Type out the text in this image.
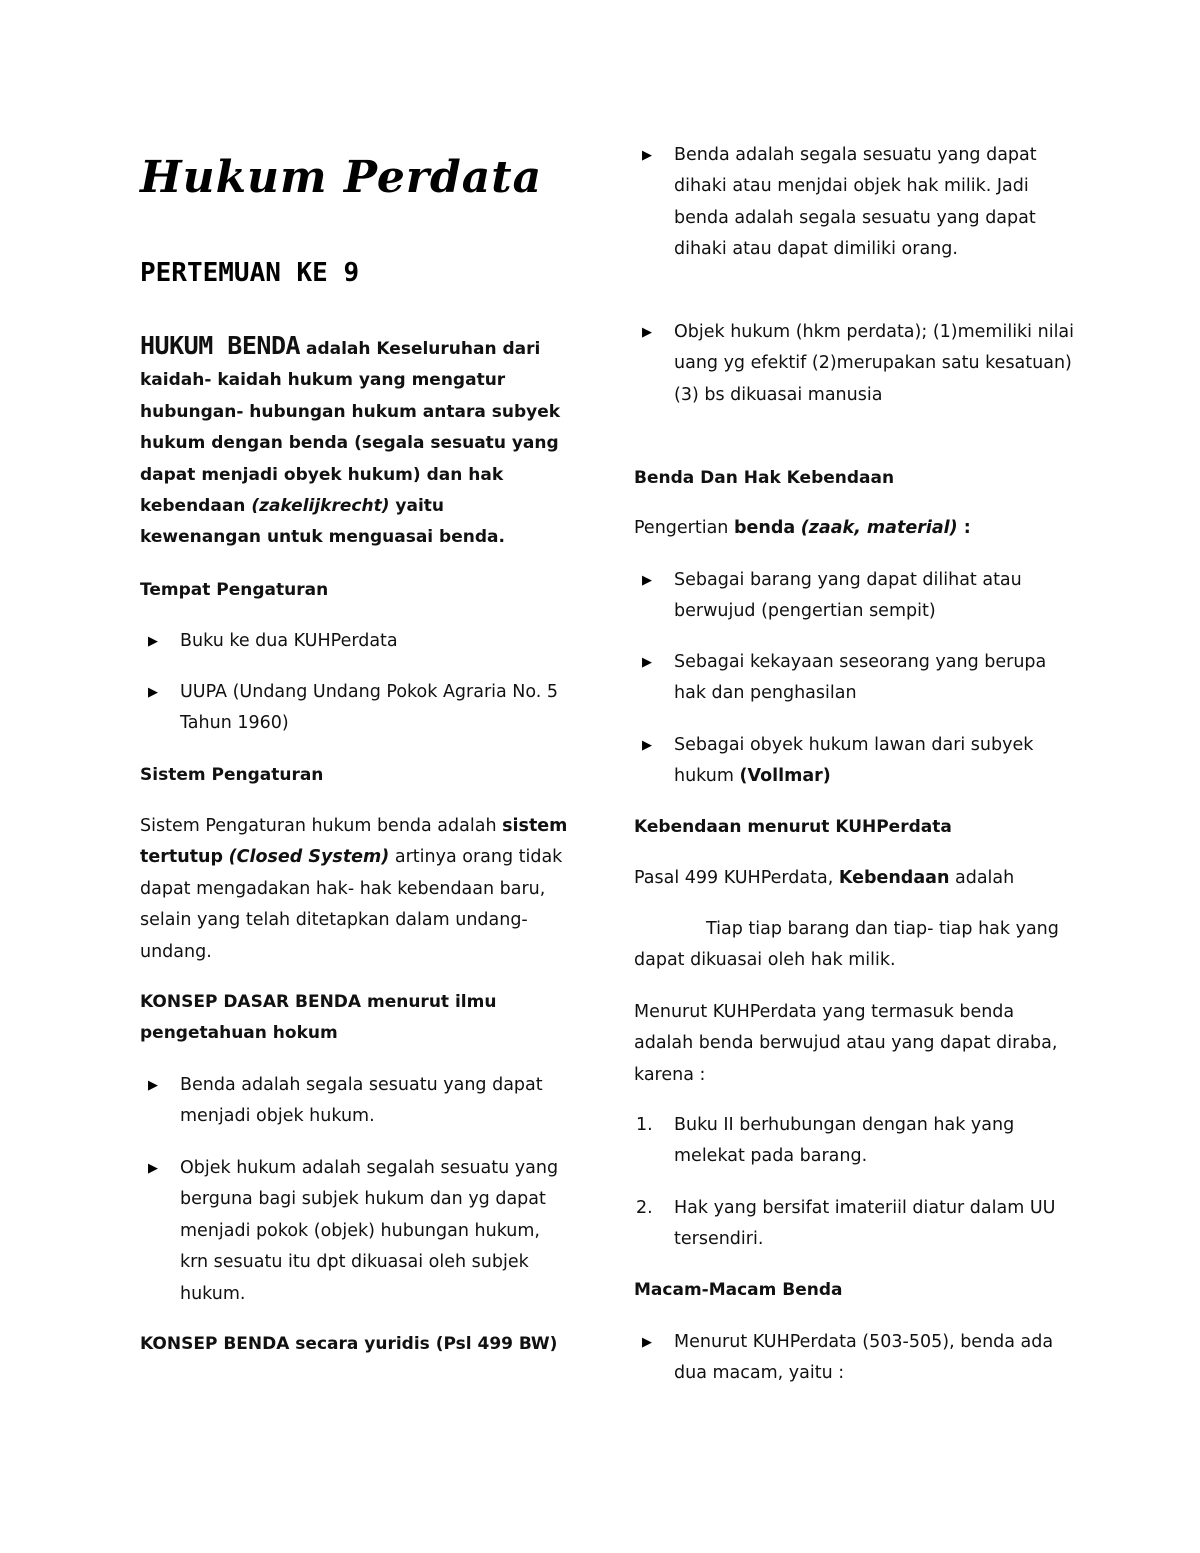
Hukum Perdata
PERTEMUAN KE 9

HUKUM BENDA adalah Keseluruhan dari kaidah- kaidah hukum yang mengatur hubungan- hubungan hukum antara subyek hukum dengan benda (segala sesuatu yang dapat menjadi obyek hukum) dan hak kebendaan (zakelijkrecht) yaitu kewenangan untuk menguasai benda.

Tempat Pengaturan

▶ Buku ke dua KUHPerdata
▶ UUPA (Undang Undang Pokok Agraria No. 5 Tahun 1960)

Sistem Pengaturan

Sistem Pengaturan hukum benda adalah sistem tertutup (Closed System) artinya orang tidak dapat mengadakan hak- hak kebendaan baru, selain yang telah ditetapkan dalam undang-undang.

KONSEP DASAR BENDA menurut ilmu pengetahuan hokum

▶ Benda adalah segala sesuatu yang dapat menjadi objek hukum.
▶ Objek hukum adalah segalah sesuatu yang berguna bagi subjek hukum dan yg dapat menjadi pokok (objek) hubungan hukum, krn sesuatu itu dpt dikuasai oleh subjek hukum.

KONSEP BENDA secara yuridis (Psl 499 BW)

▶ Benda adalah segala sesuatu yang dapat dihaki atau menjdai objek hak milik. Jadi benda adalah segala sesuatu yang dapat dihaki atau dapat dimiliki orang.
▶ Objek hukum (hkm perdata); (1)memiliki nilai uang yg efektif (2)merupakan satu kesatuan) (3) bs dikuasai manusia

Benda Dan Hak Kebendaan

Pengertian benda (zaak, material) :

▶ Sebagai barang yang dapat dilihat atau berwujud (pengertian sempit)
▶ Sebagai kekayaan seseorang yang berupa hak dan penghasilan
▶ Sebagai obyek hukum lawan dari subyek hukum (Vollmar)

Kebendaan menurut KUHPerdata

Pasal 499 KUHPerdata, Kebendaan adalah

Tiap tiap barang dan tiap- tiap hak yang dapat dikuasai oleh hak milik.

Menurut KUHPerdata yang termasuk benda adalah benda berwujud atau yang dapat diraba, karena :

1. Buku II berhubungan dengan hak yang melekat pada barang.
2. Hak yang bersifat imateriil diatur dalam UU tersendiri.

Macam-Macam Benda

▶ Menurut KUHPerdata (503-505), benda ada dua macam, yaitu :
